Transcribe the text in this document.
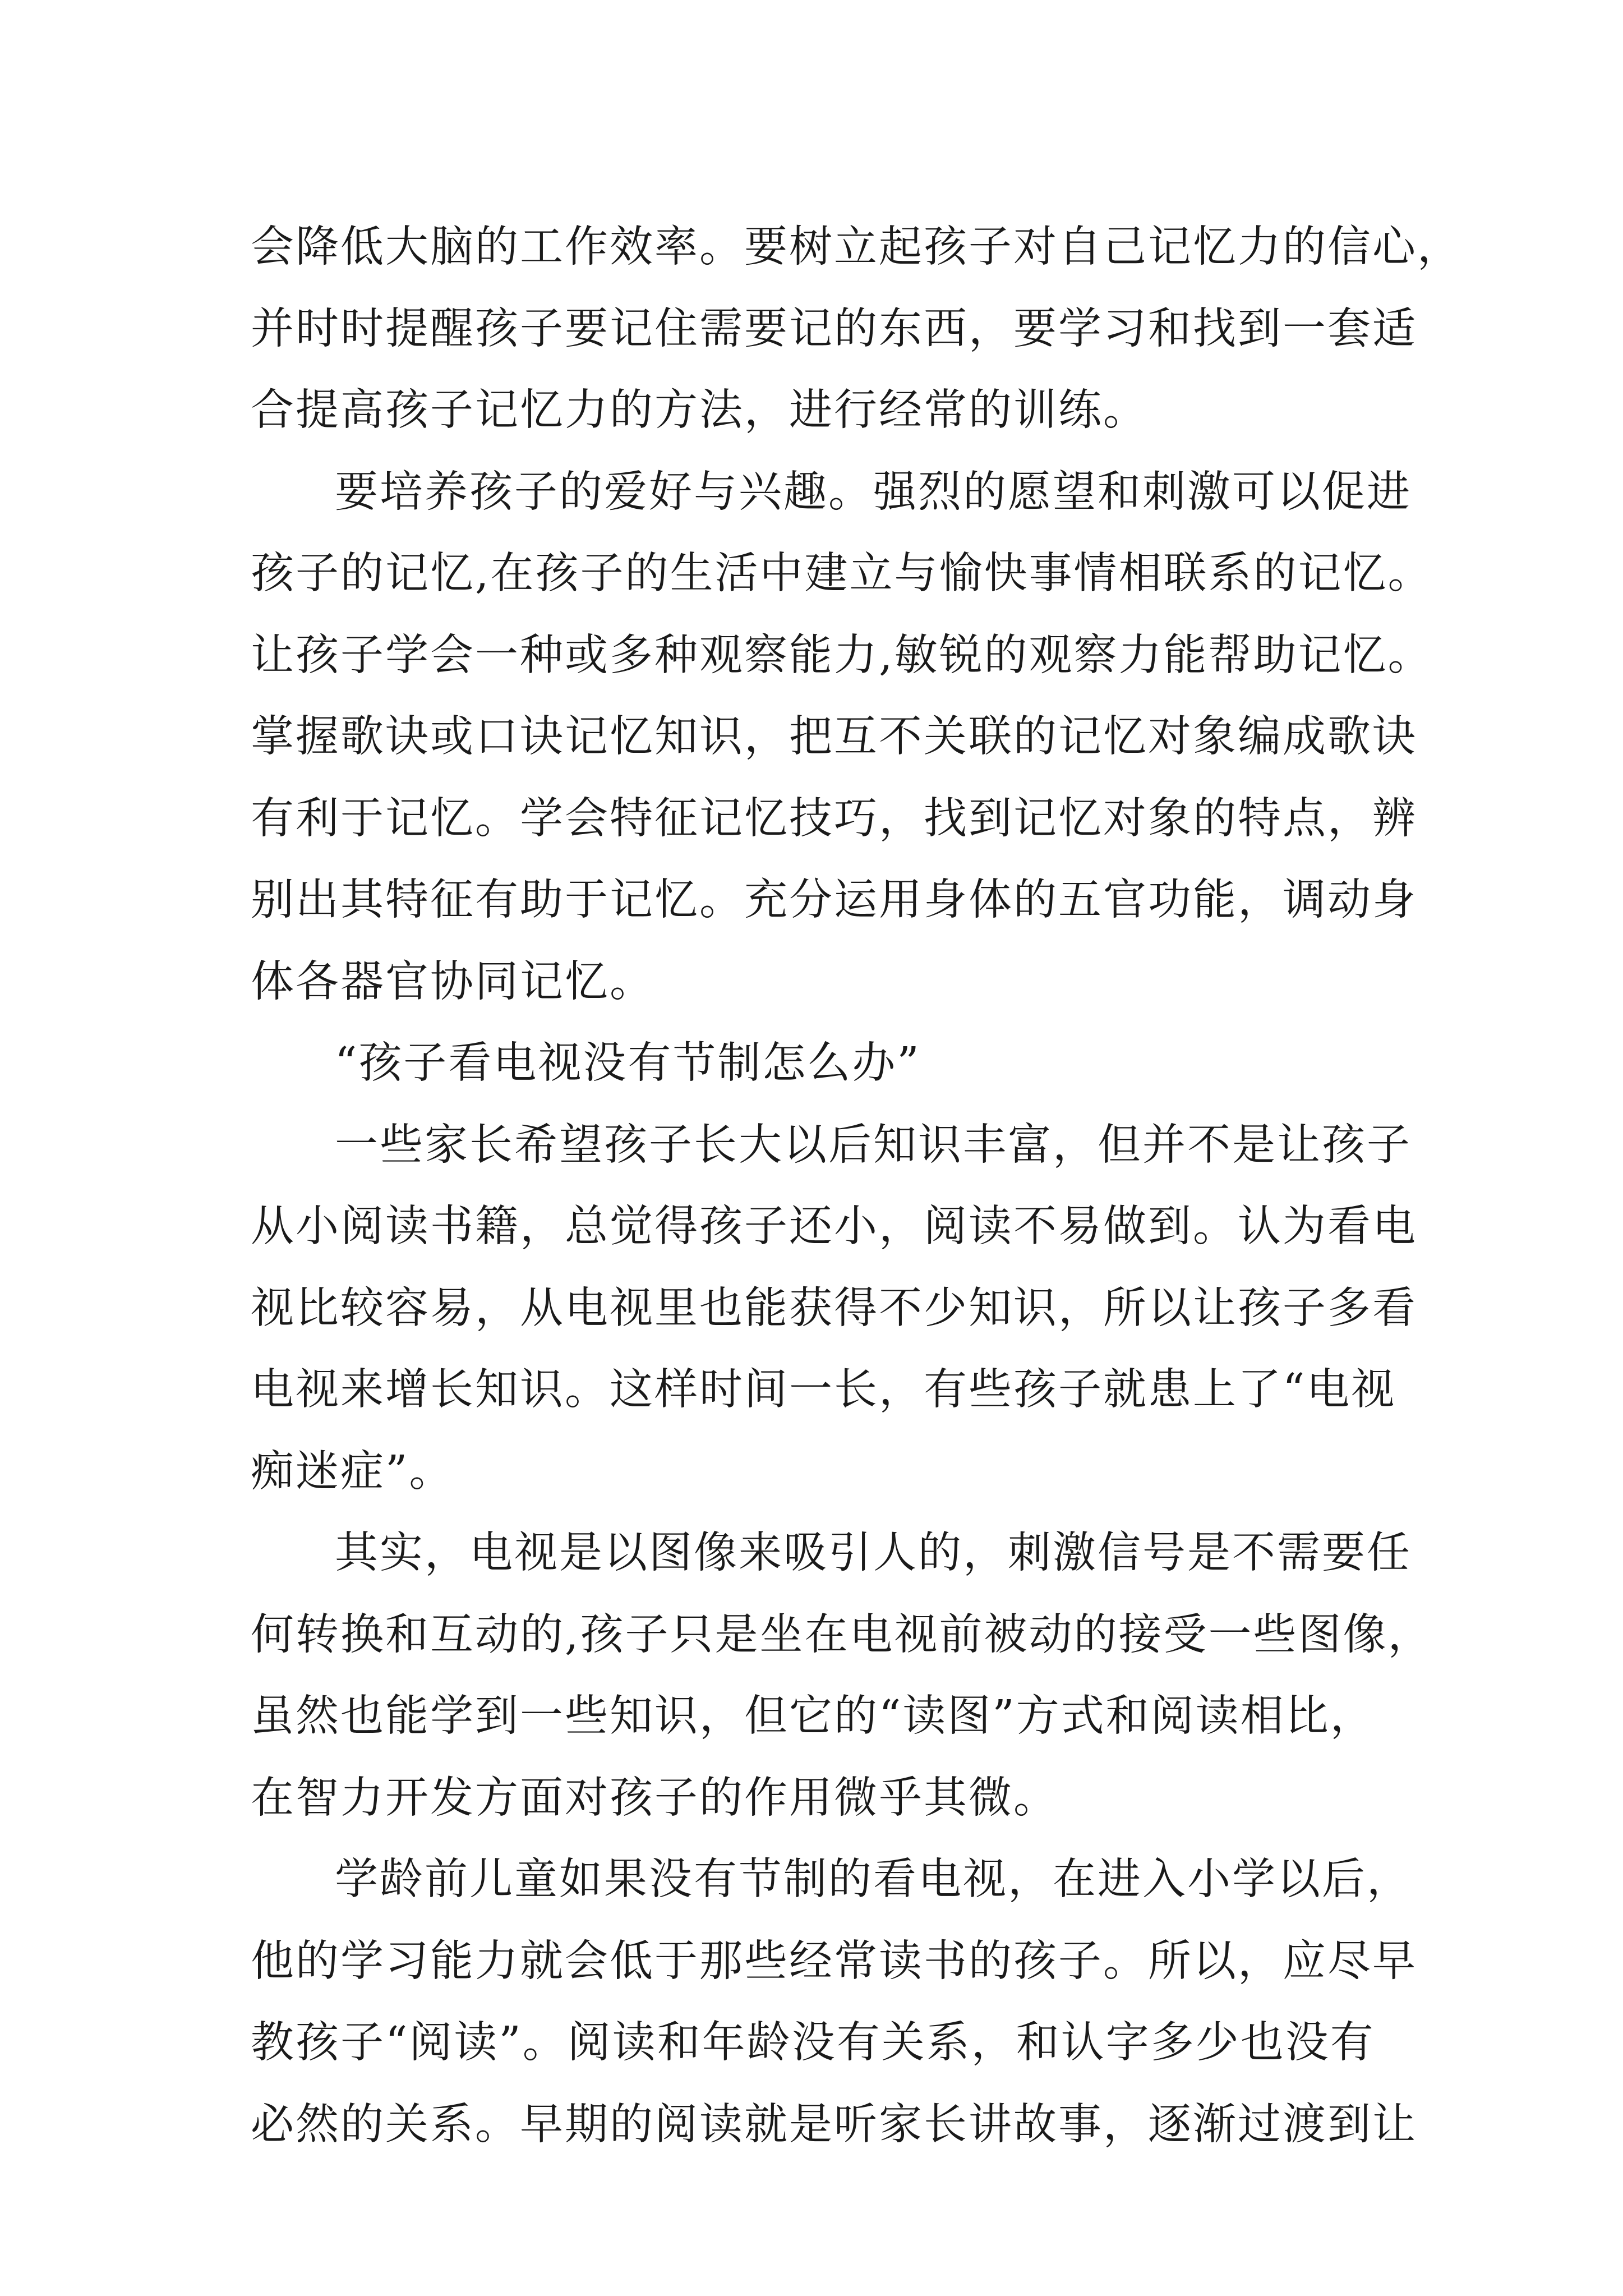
会降低大脑的工作效率。要树立起孩子对自己记忆力的信心，
并时时提醒孩子要记住需要记的东西，要学习和找到一套适
合提高孩子记忆力的方法，进行经常的训练。
要培养孩子的爱好与兴趣。强烈的愿望和刺激可以促进
孩子的记忆,在孩子的生活中建立与愉快事情相联系的记忆。
让孩子学会一种或多种观察能力,敏锐的观察力能帮助记忆。
掌握歌诀或口诀记忆知识，把互不关联的记忆对象编成歌诀
有利于记忆。学会特征记忆技巧，找到记忆对象的特点，辨
别出其特征有助于记忆。充分运用身体的五官功能，调动身
体各器官协同记忆。
“孩子看电视没有节制怎么办”
一些家长希望孩子长大以后知识丰富，但并不是让孩子
从小阅读书籍，总觉得孩子还小，阅读不易做到。认为看电
视比较容易，从电视里也能获得不少知识，所以让孩子多看
电视来增长知识。这样时间一长，有些孩子就患上了“电视
痴迷症”。
其实，电视是以图像来吸引人的，刺激信号是不需要任
何转换和互动的,孩子只是坐在电视前被动的接受一些图像，
虽然也能学到一些知识，但它的“读图”方式和阅读相比，
在智力开发方面对孩子的作用微乎其微。
学龄前儿童如果没有节制的看电视，在进入小学以后，
他的学习能力就会低于那些经常读书的孩子。所以，应尽早
教孩子“阅读”。阅读和年龄没有关系，和认字多少也没有
必然的关系。早期的阅读就是听家长讲故事，逐渐过渡到让
